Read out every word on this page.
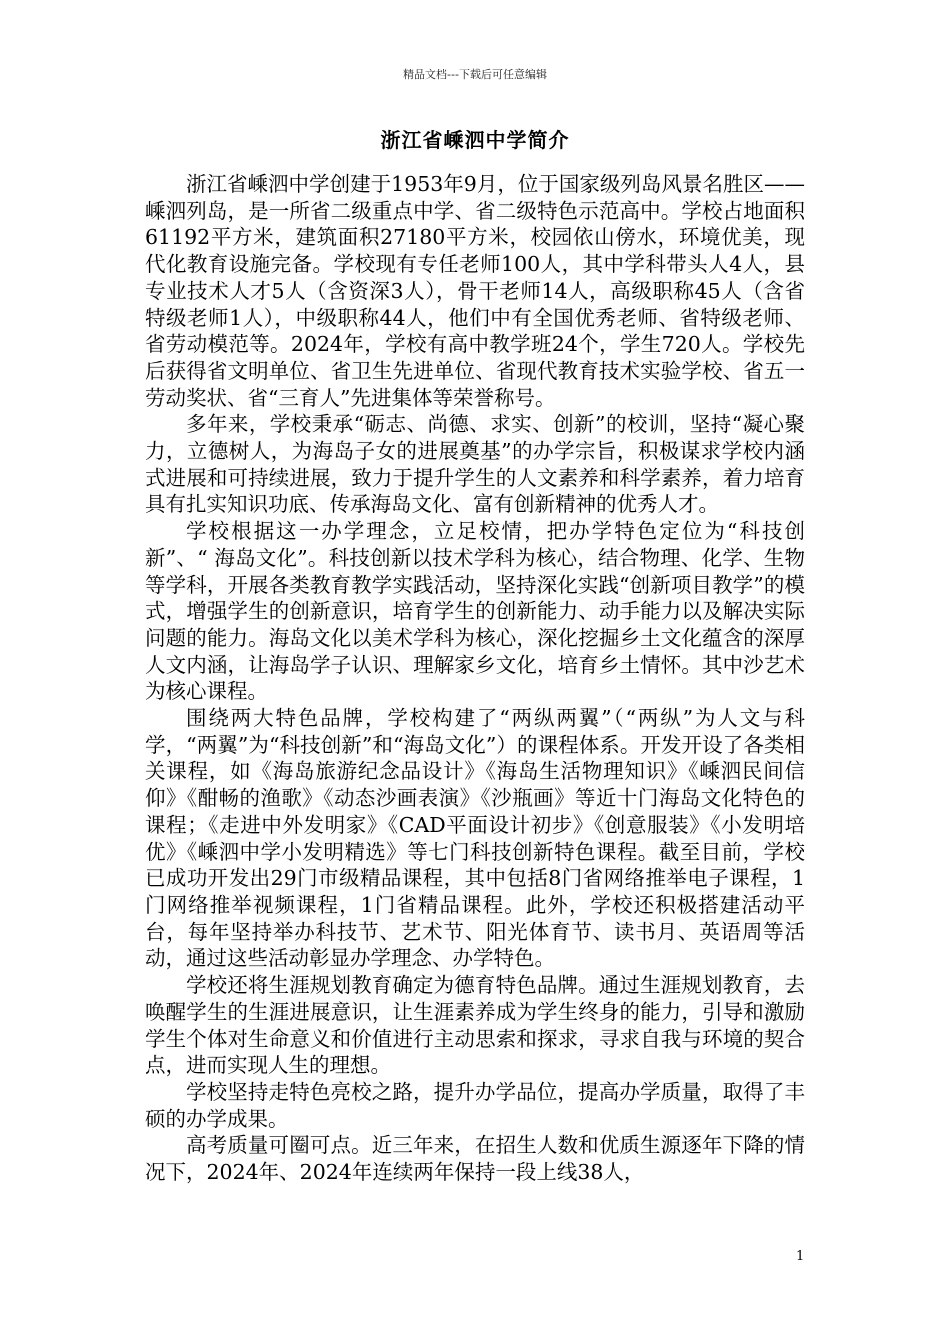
精品文档---下载后可任意编辑
浙江省嵊泗中学简介

浙江省嵊泗中学创建于1953年9月，位于国家级列岛风景名胜区——嵊泗列岛，是一所省二级重点中学、省二级特色示范高中。学校占地面积61192平方米，建筑面积27180平方米，校园依山傍水，环境优美，现代化教育设施完备。学校现有专任老师100人，其中学科带头人4人，县专业技术人才5人（含资深3人），骨干老师14人，高级职称45人（含省特级老师1人），中级职称44人，他们中有全国优秀老师、省特级老师、省劳动模范等。2024年，学校有高中教学班24个，学生720人。学校先后获得省文明单位、省卫生先进单位、省现代教育技术实验学校、省五一劳动奖状、省“三育人”先进集体等荣誉称号。

多年来，学校秉承“砺志、尚德、求实、创新”的校训，坚持“凝心聚力，立德树人，为海岛子女的进展奠基”的办学宗旨，积极谋求学校内涵式进展和可持续进展，致力于提升学生的人文素养和科学素养，着力培育具有扎实知识功底、传承海岛文化、富有创新精神的优秀人才。

学校根据这一办学理念，立足校情，把办学特色定位为“科技创新”、“ 海岛文化”。科技创新以技术学科为核心，结合物理、化学、生物等学科，开展各类教育教学实践活动，坚持深化实践“创新项目教学”的模式，增强学生的创新意识，培育学生的创新能力、动手能力以及解决实际问题的能力。海岛文化以美术学科为核心，深化挖掘乡土文化蕴含的深厚人文内涵，让海岛学子认识、理解家乡文化，培育乡土情怀。其中沙艺术为核心课程。

围绕两大特色品牌，学校构建了“两纵两翼”（“两纵”为人文与科学，“两翼”为“科技创新”和“海岛文化”）的课程体系。开发开设了各类相关课程，如《海岛旅游纪念品设计》《海岛生活物理知识》《嵊泗民间信仰》《酣畅的渔歌》《动态沙画表演》《沙瓶画》等近十门海岛文化特色的课程；《走进中外发明家》《CAD平面设计初步》《创意服装》《小发明培优》《嵊泗中学小发明精选》等七门科技创新特色课程。截至目前，学校已成功开发出29门市级精品课程，其中包括8门省网络推举电子课程，1门网络推举视频课程，1门省精品课程。此外，学校还积极搭建活动平台，每年坚持举办科技节、艺术节、阳光体育节、读书月、英语周等活动，通过这些活动彰显办学理念、办学特色。

学校还将生涯规划教育确定为德育特色品牌。通过生涯规划教育，去唤醒学生的生涯进展意识，让生涯素养成为学生终身的能力，引导和激励学生个体对生命意义和价值进行主动思索和探求，寻求自我与环境的契合点，进而实现人生的理想。

学校坚持走特色亮校之路，提升办学品位，提高办学质量，取得了丰硕的办学成果。

高考质量可圈可点。近三年来，在招生人数和优质生源逐年下降的情况下，2024年、2024年连续两年保持一段上线38人，

1
